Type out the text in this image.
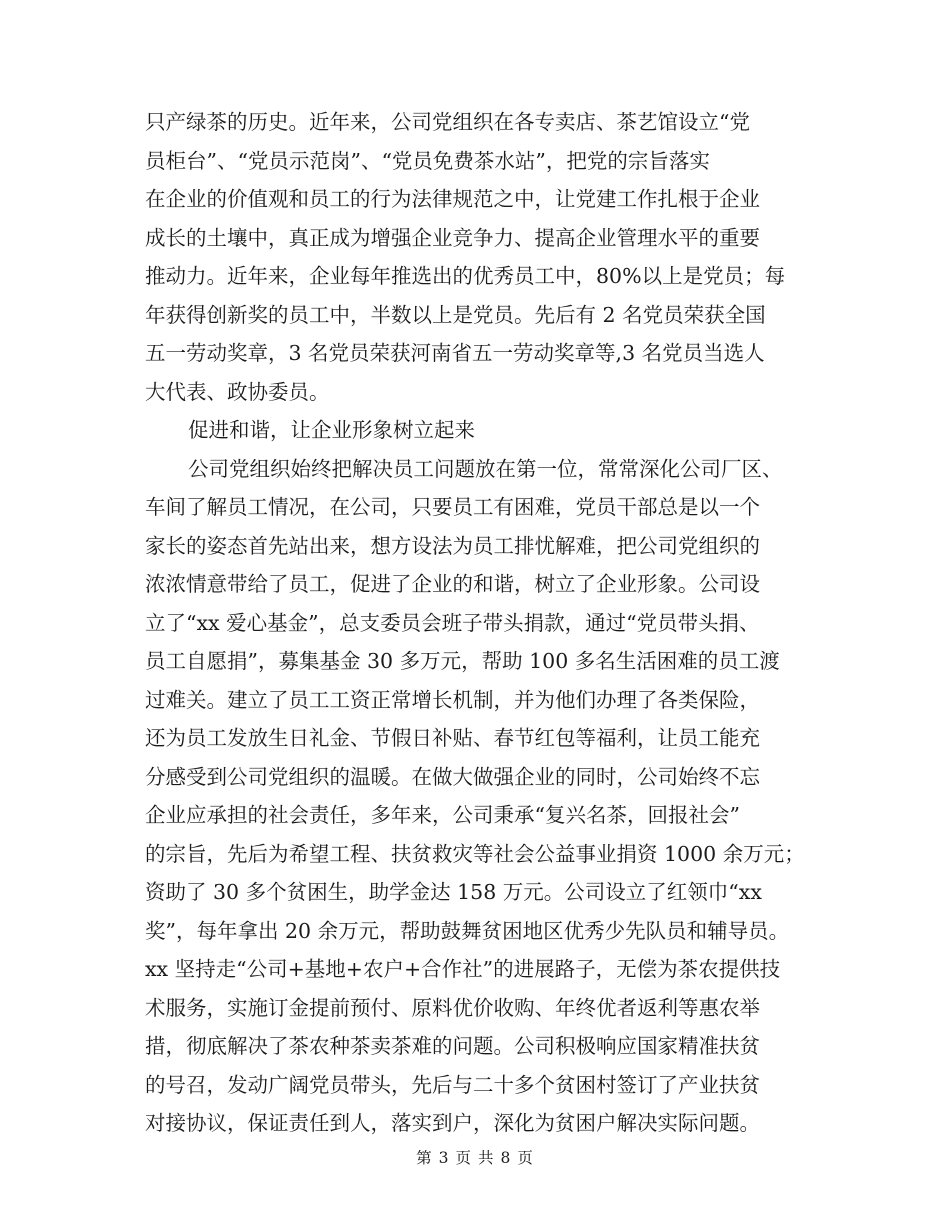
只产绿茶的历史。近年来，公司党组织在各专卖店、茶艺馆设立“党
员柜台”、“党员示范岗”、“党员免费茶水站”，把党的宗旨落实
在企业的价值观和员工的行为法律规范之中，让党建工作扎根于企业
成长的土壤中，真正成为增强企业竞争力、提高企业管理水平的重要
推动力。近年来，企业每年推选出的优秀员工中，80%以上是党员；每
年获得创新奖的员工中，半数以上是党员。先后有 2 名党员荣获全国
五一劳动奖章，3 名党员荣获河南省五一劳动奖章等,3 名党员当选人
大代表、政协委员。
促进和谐，让企业形象树立起来
公司党组织始终把解决员工问题放在第一位，常常深化公司厂区、
车间了解员工情况，在公司，只要员工有困难，党员干部总是以一个
家长的姿态首先站出来，想方设法为员工排忧解难，把公司党组织的
浓浓情意带给了员工，促进了企业的和谐，树立了企业形象。公司设
立了“xx 爱心基金”，总支委员会班子带头捐款，通过“党员带头捐、
员工自愿捐”，募集基金 30 多万元，帮助 100 多名生活困难的员工渡
过难关。建立了员工工资正常增长机制，并为他们办理了各类保险，
还为员工发放生日礼金、节假日补贴、春节红包等福利，让员工能充
分感受到公司党组织的温暖。在做大做强企业的同时，公司始终不忘
企业应承担的社会责任，多年来，公司秉承“复兴名茶，回报社会”
的宗旨，先后为希望工程、扶贫救灾等社会公益事业捐资 1000 余万元；
资助了 30 多个贫困生，助学金达 158 万元。公司设立了红领巾“xx
奖”，每年拿出 20 余万元，帮助鼓舞贫困地区优秀少先队员和辅导员。
xx 坚持走“公司+基地+农户+合作社”的进展路子，无偿为茶农提供技
术服务，实施订金提前预付、原料优价收购、年终优者返利等惠农举
措，彻底解决了茶农种茶卖茶难的问题。公司积极响应国家精准扶贫
的号召，发动广阔党员带头，先后与二十多个贫困村签订了产业扶贫
对接协议，保证责任到人，落实到户，深化为贫困户解决实际问题。
第 3 页 共 8 页
